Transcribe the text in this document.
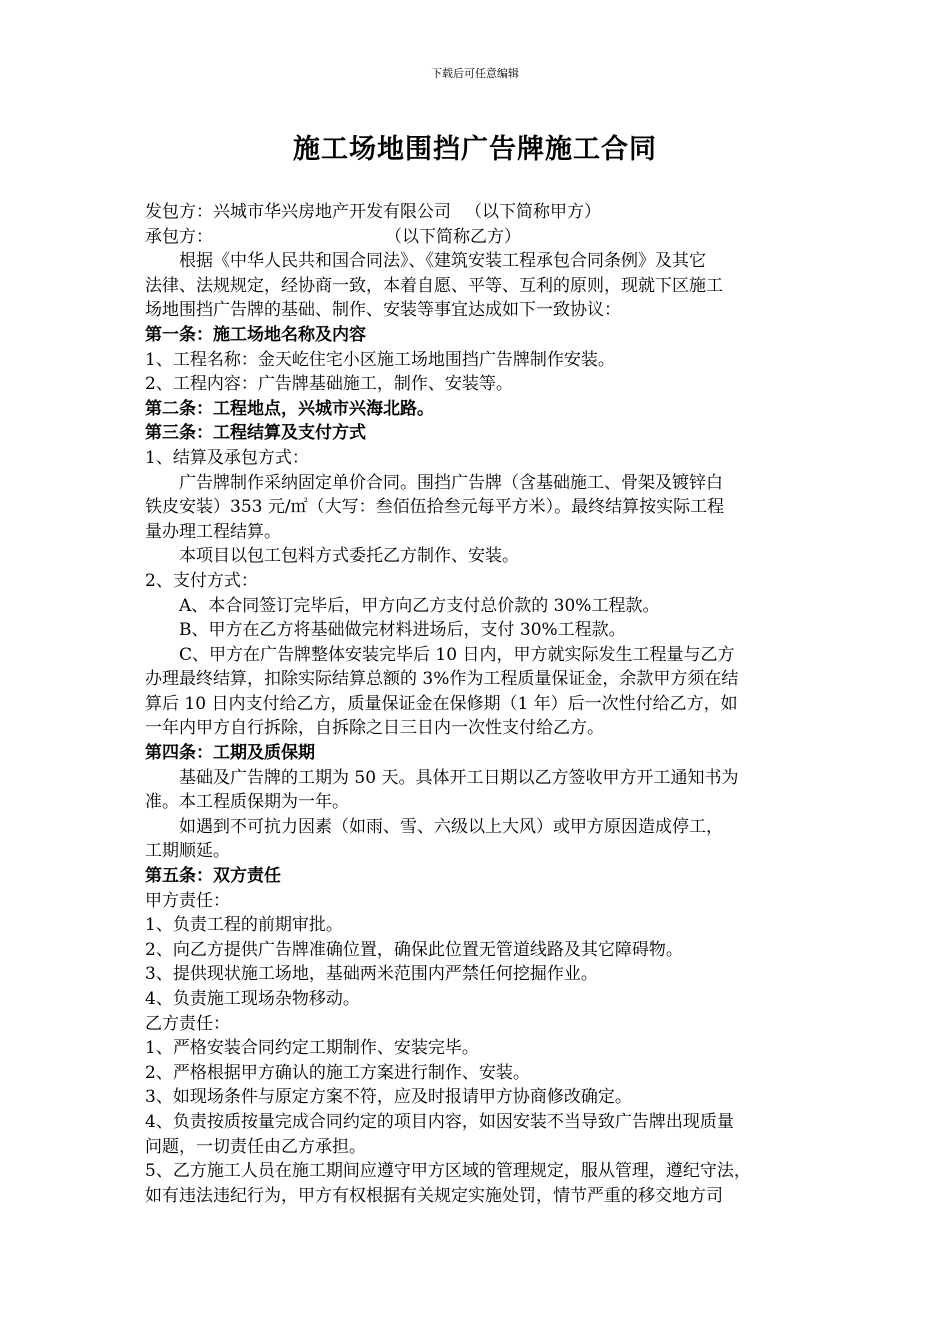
下载后可任意编辑
施工场地围挡广告牌施工合同
发包方：兴城市华兴房地产开发有限公司 （以下简称甲方）
承包方：	（以下简称乙方）
根据《中华人民共和国合同法》、《建筑安装工程承包合同条例》及其它
法律、法规规定，经协商一致，本着自愿、平等、互利的原则，现就下区施工
场地围挡广告牌的基础、制作、安装等事宜达成如下一致协议：
第一条：施工场地名称及内容
1、工程名称：金天屹住宅小区施工场地围挡广告牌制作安装。
2、工程内容：广告牌基础施工，制作、安装等。
第二条：工程地点，兴城市兴海北路。
第三条：工程结算及支付方式
1、结算及承包方式：
广告牌制作采纳固定单价合同。围挡广告牌（含基础施工、骨架及镀锌白
铁皮安装）353 元/㎡（大写：叁佰伍拾叁元每平方米）。最终结算按实际工程
量办理工程结算。
本项目以包工包料方式委托乙方制作、安装。
2、支付方式：
A、本合同签订完毕后，甲方向乙方支付总价款的 30%工程款。
B、甲方在乙方将基础做完材料进场后，支付 30%工程款。
C、甲方在广告牌整体安装完毕后 10 日内，甲方就实际发生工程量与乙方
办理最终结算，扣除实际结算总额的 3%作为工程质量保证金，余款甲方须在结
算后 10 日内支付给乙方，质量保证金在保修期（1 年）后一次性付给乙方，如
一年内甲方自行拆除，自拆除之日三日内一次性支付给乙方。
第四条：工期及质保期
基础及广告牌的工期为 50 天。具体开工日期以乙方签收甲方开工通知书为
准。本工程质保期为一年。
如遇到不可抗力因素（如雨、雪、六级以上大风）或甲方原因造成停工，
工期顺延。
第五条：双方责任
甲方责任：
1、负责工程的前期审批。
2、向乙方提供广告牌准确位置，确保此位置无管道线路及其它障碍物。
3、提供现状施工场地，基础两米范围内严禁任何挖掘作业。
4、负责施工现场杂物移动。
乙方责任：
1、严格安装合同约定工期制作、安装完毕。
2、严格根据甲方确认的施工方案进行制作、安装。
3、如现场条件与原定方案不符，应及时报请甲方协商修改确定。
4、负责按质按量完成合同约定的项目内容，如因安装不当导致广告牌出现质量
问题，一切责任由乙方承担。
5、乙方施工人员在施工期间应遵守甲方区域的管理规定，服从管理，遵纪守法，
如有违法违纪行为，甲方有权根据有关规定实施处罚，情节严重的移交地方司
